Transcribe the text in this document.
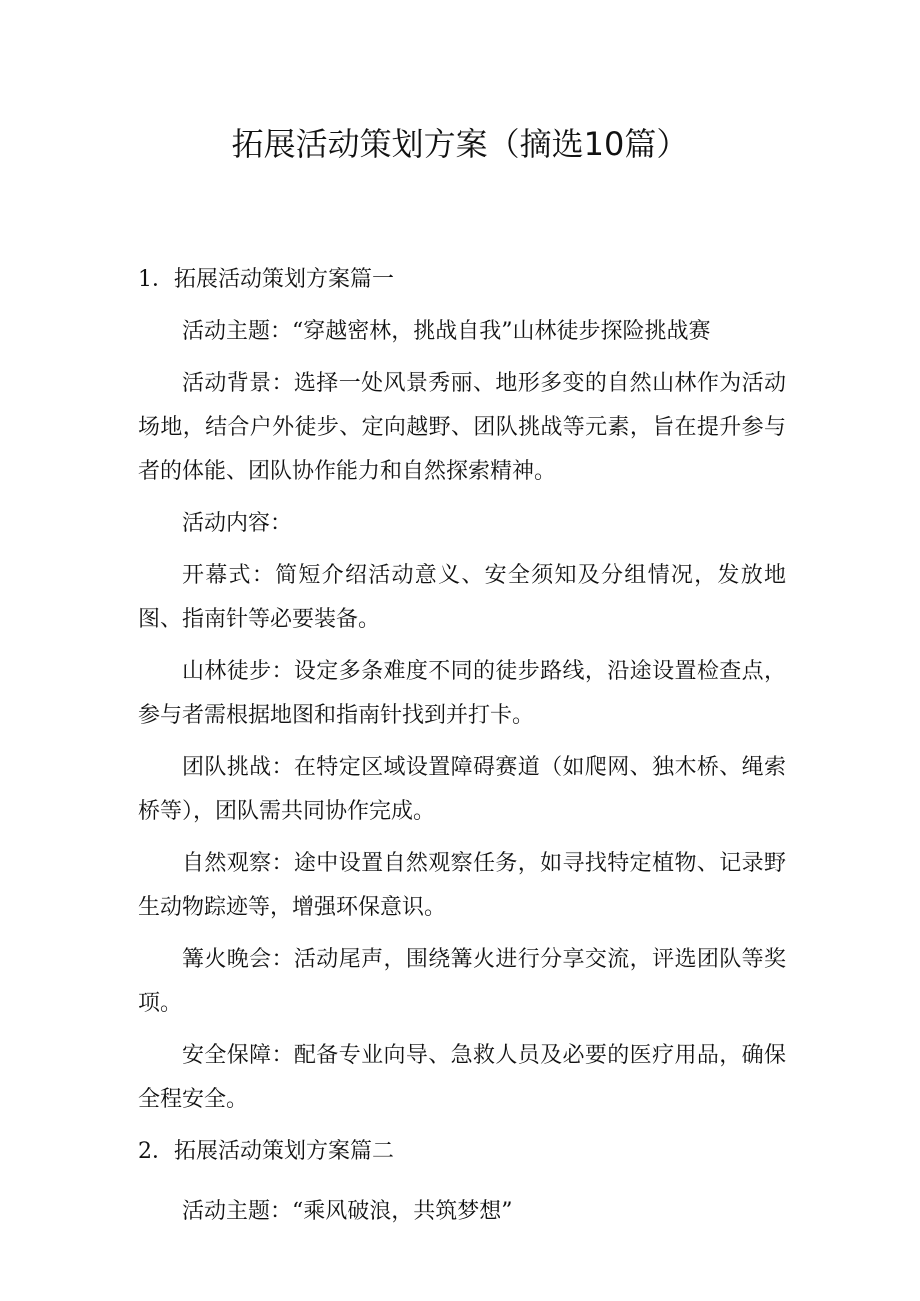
拓展活动策划方案（摘选10篇）

1．拓展活动策划方案篇一

活动主题：“穿越密林，挑战自我”山林徒步探险挑战赛

活动背景：选择一处风景秀丽、地形多变的自然山林作为活动场地，结合户外徒步、定向越野、团队挑战等元素，旨在提升参与者的体能、团队协作能力和自然探索精神。

活动内容：

开幕式：简短介绍活动意义、安全须知及分组情况，发放地图、指南针等必要装备。

山林徒步：设定多条难度不同的徒步路线，沿途设置检查点，参与者需根据地图和指南针找到并打卡。

团队挑战：在特定区域设置障碍赛道（如爬网、独木桥、绳索桥等），团队需共同协作完成。

自然观察：途中设置自然观察任务，如寻找特定植物、记录野生动物踪迹等，增强环保意识。

篝火晚会：活动尾声，围绕篝火进行分享交流，评选团队等奖项。

安全保障：配备专业向导、急救人员及必要的医疗用品，确保全程安全。

2．拓展活动策划方案篇二

活动主题：“乘风破浪，共筑梦想”
